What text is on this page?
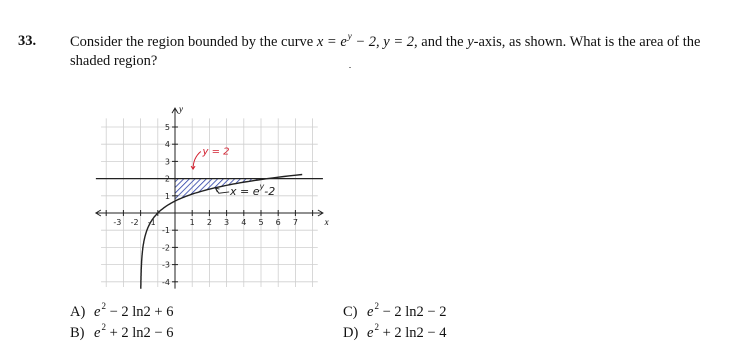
33. Consider the region bounded by the curve $x = e^y - 2$, y = 2, and the y-axis, as shown. What is the area of the shaded region?
-3 -2 -1	1 2 3 4 5 6 7
5
4
3
2
1
-1
-2
-3
-4
x
y
y = 2
$x = e^y-2$
A) $e^2 - 2$ ln2 + 6
B) $e^2 + 2$ ln2 − 6
C) $e^2 - 2$ ln2 − 2
D) $e^2 + 2$ ln2 − 4
